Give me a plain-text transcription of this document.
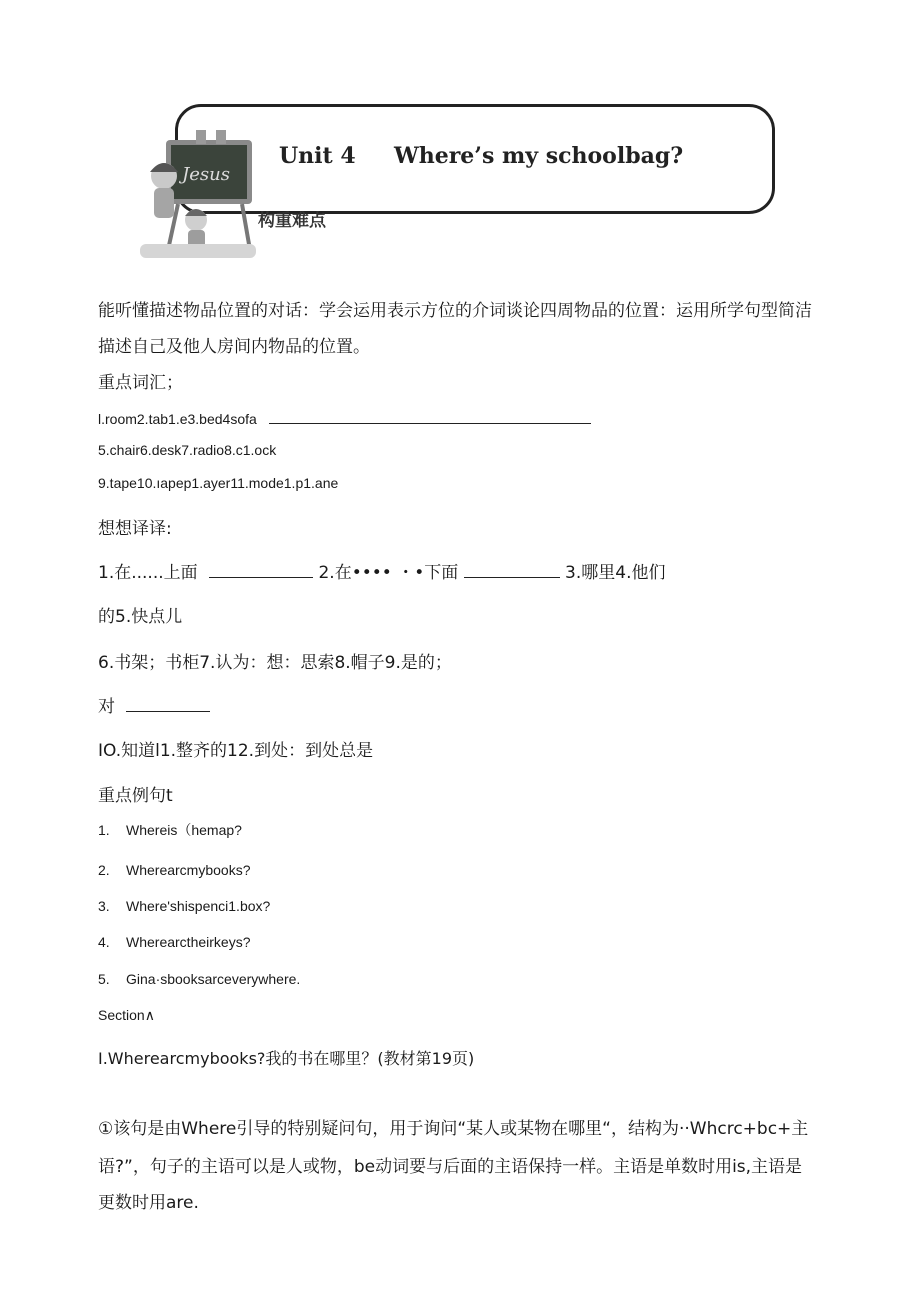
Jesus
Unit 4 Where’s my schoolbag?
构重难点
能听懂描述物品位置的对话：学会运用表示方位的介词谈论四周物品的位置：运用所学句型简洁
描述自己及他人房间内物品的位置。
重点词汇；
l.room2.tab1.e3.bed4sofa
5.chair6.desk7.radio8.c1.ock
9.tape10.ıapep1.ayer11.mode1.p1.ane
想想译译:
1.在......上面	2.在•••• ・•下面	3.哪里4.他们
的5.快点儿
6.书架；书柜7.认为：想：思索8.帽子9.是的；
对
IO.知道l1.整齐的12.到处：到处总是
重点例句t
1. Whereis（hemap?
2. Wherearcmybooks?
3. Where'shispenci1.box?
4. Wherearctheirkeys?
5. Gina·sbooksarceverywhere.
Section∧
I.Wherearcmybooks?我的书在哪里？(教材第19页)
①该句是由Where引导的特别疑问句，用于询问“某人或某物在哪里“，结构为··Whcrc+bc+主
语?”，句子的主语可以是人或物，be动词要与后面的主语保持一样。主语是单数时用is,主语是
更数时用are.
